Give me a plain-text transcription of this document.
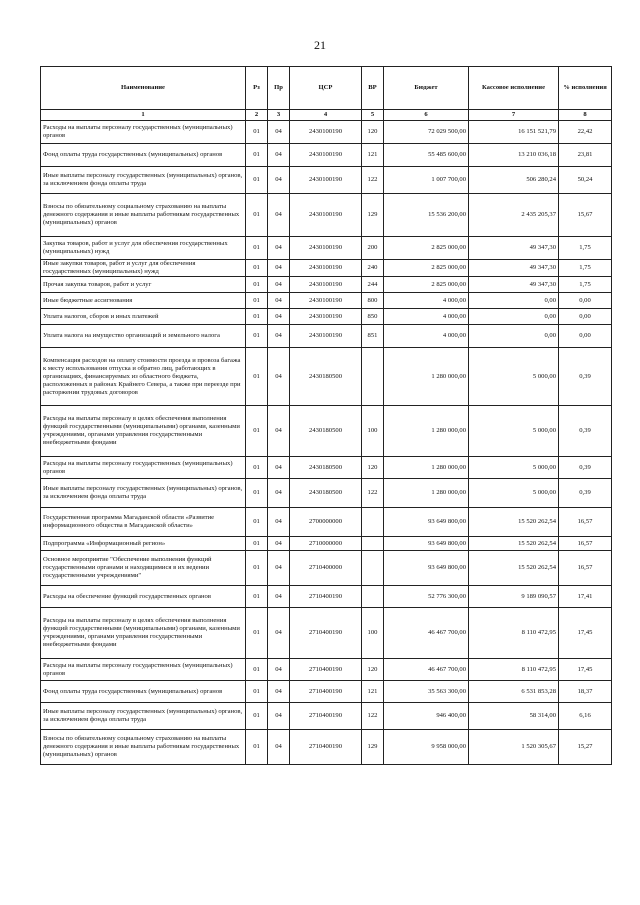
21
Наименование	Рз	Пр	ЦСР	ВР	Бюджет	Кассовое исполнение	% исполнения
1	2	3	4	5	6	7	8
Расходы на выплаты персоналу государственных (муниципальных) органов	01	04	2430100190	120	72 029 500,00	16 151 521,79	22,42
Фонд оплаты труда государственных (муниципальных) органов	01	04	2430100190	121	55 485 600,00	13 210 036,18	23,81
Иные выплаты персоналу государственных (муниципальных) органов, за исключением фонда оплаты труда	01	04	2430100190	122	1 007 700,00	506 280,24	50,24
Взносы по обязательному социальному страхованию на выплаты денежного содержания и иные выплаты работникам государственных (муниципальных) органов	01	04	2430100190	129	15 536 200,00	2 435 205,37	15,67
Закупка товаров, работ и услуг для обеспечения государственных (муниципальных) нужд	01	04	2430100190	200	2 825 000,00	49 347,30	1,75
Иные закупки товаров, работ и услуг для обеспечения государственных (муниципальных) нужд	01	04	2430100190	240	2 825 000,00	49 347,30	1,75
Прочая закупка товаров, работ и услуг	01	04	2430100190	244	2 825 000,00	49 347,30	1,75
Иные бюджетные ассигнования	01	04	2430100190	800	4 000,00	0,00	0,00
Уплата налогов, сборов и иных платежей	01	04	2430100190	850	4 000,00	0,00	0,00
Уплата налога на имущество организаций и земельного налога	01	04	2430100190	851	4 000,00	0,00	0,00
Компенсация расходов на оплату стоимости проезда и провоза багажа к месту использования отпуска и обратно лиц, работающих в организациях, финансируемых из областного бюджета, расположенных в районах Крайнего Севера, а также при переезде при расторжении трудовых договоров	01	04	2430180500		1 280 000,00	5 000,00	0,39
Расходы на выплаты персоналу в целях обеспечения выполнения функций государственными (муниципальными) органами, казенными учреждениями, органами управления государственными внебюджетными фондами	01	04	2430180500	100	1 280 000,00	5 000,00	0,39
Расходы на выплаты персоналу государственных (муниципальных) органов	01	04	2430180500	120	1 280 000,00	5 000,00	0,39
Иные выплаты персоналу государственных (муниципальных) органов, за исключением фонда оплаты труда	01	04	2430180500	122	1 280 000,00	5 000,00	0,39
Государственная программа Магаданской области «Развитие информационного общества в Магаданской области»	01	04	2700000000		93 649 800,00	15 520 262,54	16,57
Подпрограмма «Информационный регион»	01	04	2710000000		93 649 800,00	15 520 262,54	16,57
Основное мероприятие "Обеспечение выполнения функций государственными органами и находящимися в их ведении государственными учреждениями"	01	04	2710400000		93 649 800,00	15 520 262,54	16,57
Расходы на обеспечение функций государственных органов	01	04	2710400190		52 776 300,00	9 189 090,57	17,41
Расходы на выплаты персоналу в целях обеспечения выполнения функций государственными (муниципальными) органами, казенными учреждениями, органами управления государственными внебюджетными фондами	01	04	2710400190	100	46 467 700,00	8 110 472,95	17,45
Расходы на выплаты персоналу государственных (муниципальных) органов	01	04	2710400190	120	46 467 700,00	8 110 472,95	17,45
Фонд оплаты труда государственных (муниципальных) органов	01	04	2710400190	121	35 563 300,00	6 531 853,28	18,37
Иные выплаты персоналу государственных (муниципальных) органов, за исключением фонда оплаты труда	01	04	2710400190	122	946 400,00	58 314,00	6,16
Взносы по обязательному социальному страхованию на выплаты денежного содержания и иные выплаты работникам государственных (муниципальных) органов	01	04	2710400190	129	9 958 000,00	1 520 305,67	15,27
